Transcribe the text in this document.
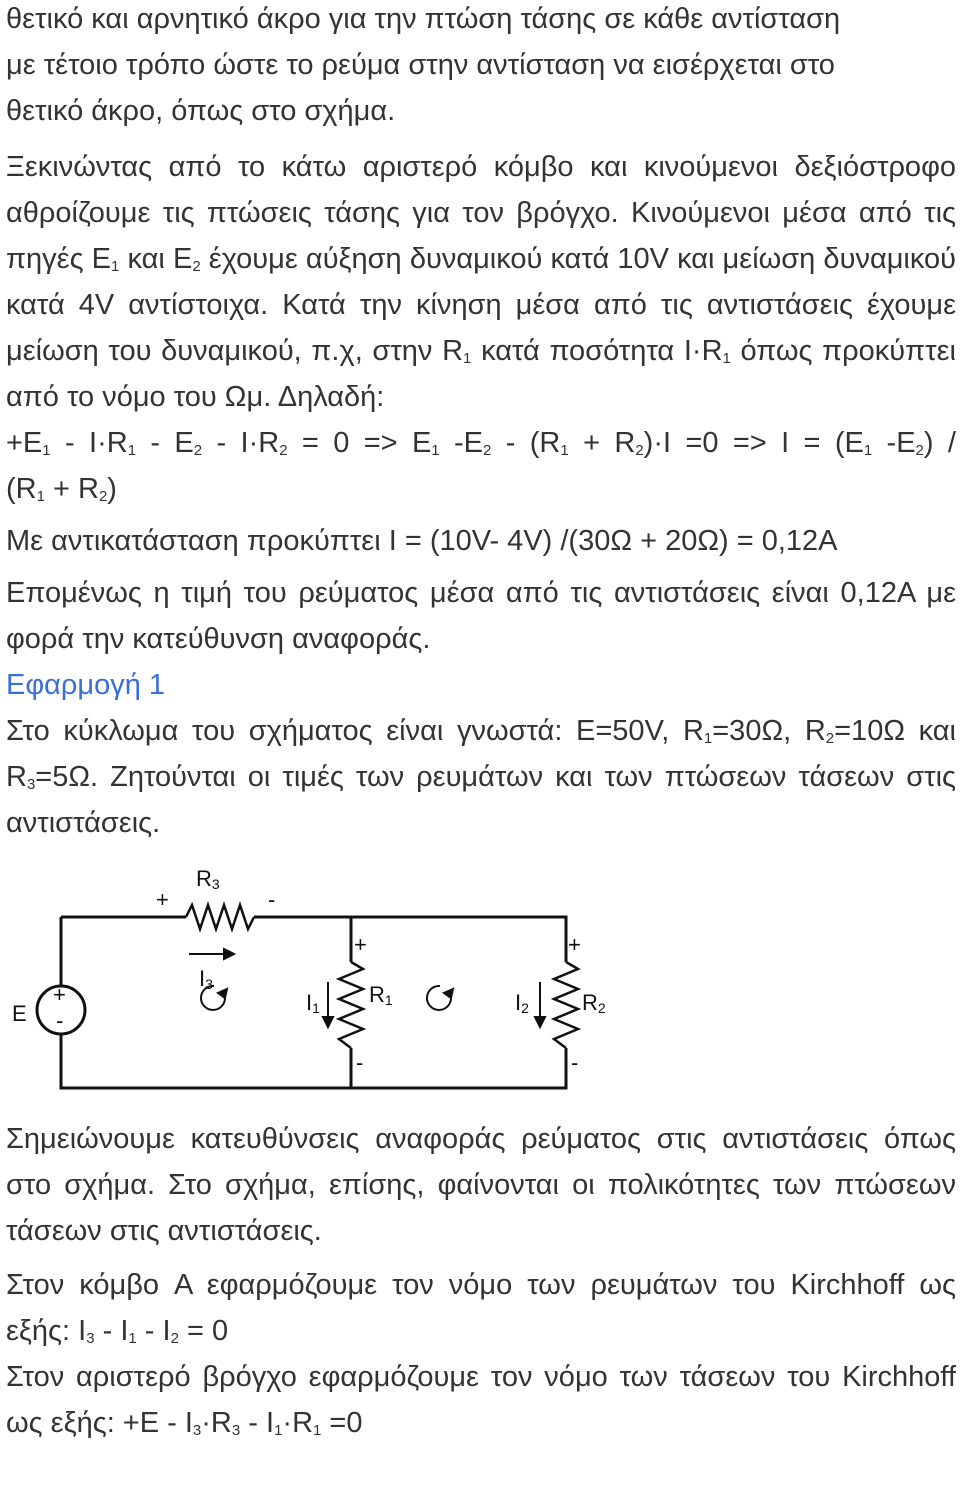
θετικό και αρνητικό άκρο για την πτώση τάσης σε κάθε αντίσταση
με τέτοιο τρόπο ώστε το ρεύμα στην αντίσταση να εισέρχεται στο
θετικό άκρο, όπως στο σχήμα.

Ξεκινώντας από το κάτω αριστερό κόμβο και κινούμενοι δεξιόστροφο αθροίζουμε τις πτώσεις τάσης για τον βρόγχο. Κινούμενοι μέσα από τις πηγές $E_1$ και $E_2$ έχουμε αύξηση δυναμικού κατά 10V και μείωση δυναμικού κατά 4V αντίστοιχα. Κατά την κίνηση μέσα από τις αντιστάσεις έχουμε μείωση του δυναμικού, π.χ, στην $R_1$ κατά ποσότητα $I\cdot R_1$ όπως προκύπτει από το νόμο του Ωμ. Δηλαδή:

$+E_1 - I\cdot R_1 - E_2 - I\cdot R_2 = 0 => E_1$ $-E_2 - (R_1 + R_2)\cdot I =0 => I = (E_1$ $-E_2$) /

$(R_1 + R_2)$

Με αντικατάσταση προκύπτει I = (10V- 4V) /(30Ω + 20Ω) = 0,12A

Επομένως η τιμή του ρεύματος μέσα από τις αντιστάσεις είναι 0,12A με φορά την κατεύθυνση αναφοράς.

Εφαρμογή 1

Στο κύκλωμα του σχήματος είναι γνωστά: E=50V, $R_1=30\Omega$, $R_2=10\Omega$ και $R_3=5\Omega$. Ζητούνται οι τιμές των ρευμάτων και των πτώσεων τάσεων στις αντιστάσεις.

+
-
E
R3
+	-
I3
+
-
R1
I1
+
-
R2
I2

Σημειώνουμε κατευθύνσεις αναφοράς ρεύματος στις αντιστάσεις όπως στο σχήμα. Στο σχήμα, επίσης, φαίνονται οι πολικότητες των πτώσεων τάσεων στις αντιστάσεις.

Στον κόμβο A εφαρμόζουμε τον νόμο των ρευμάτων του Kirchhoff ως εξής: $I_3 - I_1 - I_2 = 0$

Στον αριστερό βρόγχο εφαρμόζουμε τον νόμο των τάσεων του Kirchhoff ως εξής: $+E - I_3\cdot R_3 - I_1\cdot R_1 =0$
